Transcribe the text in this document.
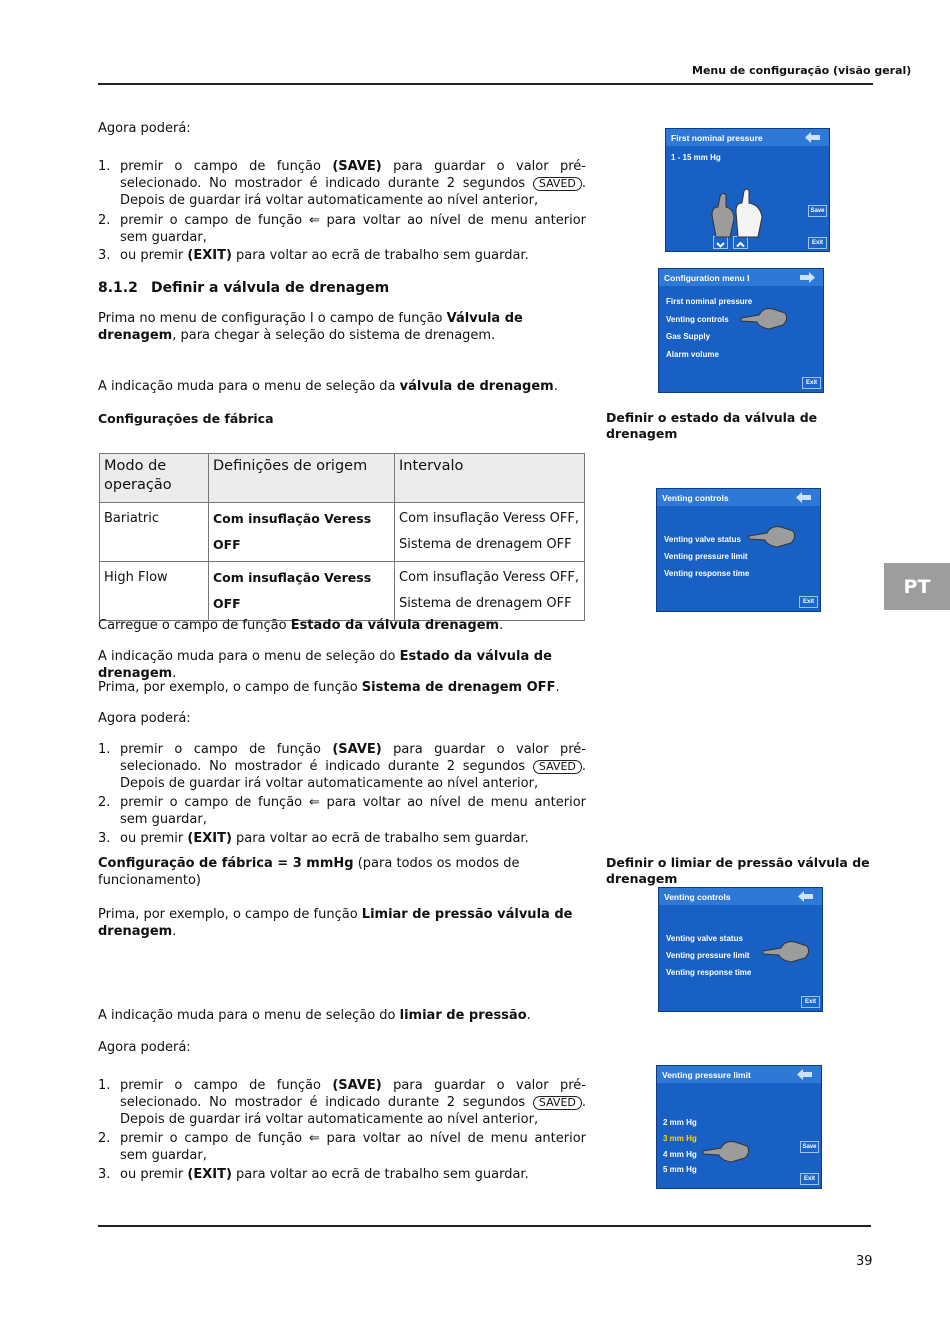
Menu de configuração (visão geral)
Agora poderá:
1. premir o campo de função (SAVE) para guardar o valor pré-selecionado. No mostrador é indicado durante 2 segundos SAVED . Depois de guardar irá voltar automaticamente ao nível anterior,
2. premir o campo de função ⇐ para voltar ao nível de menu anterior sem guardar,
3. ou premir (EXIT) para voltar ao ecrã de trabalho sem guardar.
8.1.2 Definir a válvula de drenagem
Prima no menu de configuração I o campo de função Válvula de drenagem, para chegar à seleção do sistema de drenagem.
A indicação muda para o menu de seleção da válvula de drenagem.
Configurações de fábrica	Definir o estado da válvula de drenagem
Modo de operação	Definições de origem	Intervalo
Bariatric	Com insuflação Veress OFF	Com insuflação Veress OFF,
Sistema de drenagem OFF

High Flow	Com insuflação Veress OFF	Com insuflação Veress OFF,
Sistema de drenagem OFF
Carregue o campo de função Estado da válvula drenagem.
A indicação muda para o menu de seleção do Estado da válvula de drenagem.
Prima, por exemplo, o campo de função Sistema de drenagem OFF.
Agora poderá:
1. premir o campo de função (SAVE) para guardar o valor pré-selecionado. No mostrador é indicado durante 2 segundos SAVED . Depois de guardar irá voltar automaticamente ao nível anterior,
2. premir o campo de função ⇐ para voltar ao nível de menu anterior sem guardar,
3. ou premir (EXIT) para voltar ao ecrã de trabalho sem guardar.
Configuração de fábrica = 3 mmHg (para todos os modos de funcionamento)
Definir o limiar de pressão válvula de drenagem
Prima, por exemplo, o campo de função Limiar de pressão válvula de drenagem.
A indicação muda para o menu de seleção do limiar de pressão.
Agora poderá:
1. premir o campo de função (SAVE) para guardar o valor pré-selecionado. No mostrador é indicado durante 2 segundos SAVED . Depois de guardar irá voltar automaticamente ao nível anterior,
2. premir o campo de função ⇐ para voltar ao nível de menu anterior sem guardar,
3. ou premir (EXIT) para voltar ao ecrã de trabalho sem guardar.
39
PT
First nominal pressure
1 - 15 mm Hg
Save
Exit
Configuration menu I
First nominal pressure
Venting controls
Gas Supply
Alarm volume
Exit
Venting controls
Venting valve status
Venting pressure limit
Venting response time
Exit
Venting controls
Venting valve status
Venting pressure limit
Venting response time
Exit
Venting pressure limit
2 mm Hg
3 mm Hg
4 mm Hg
5 mm Hg
Save
Exit
